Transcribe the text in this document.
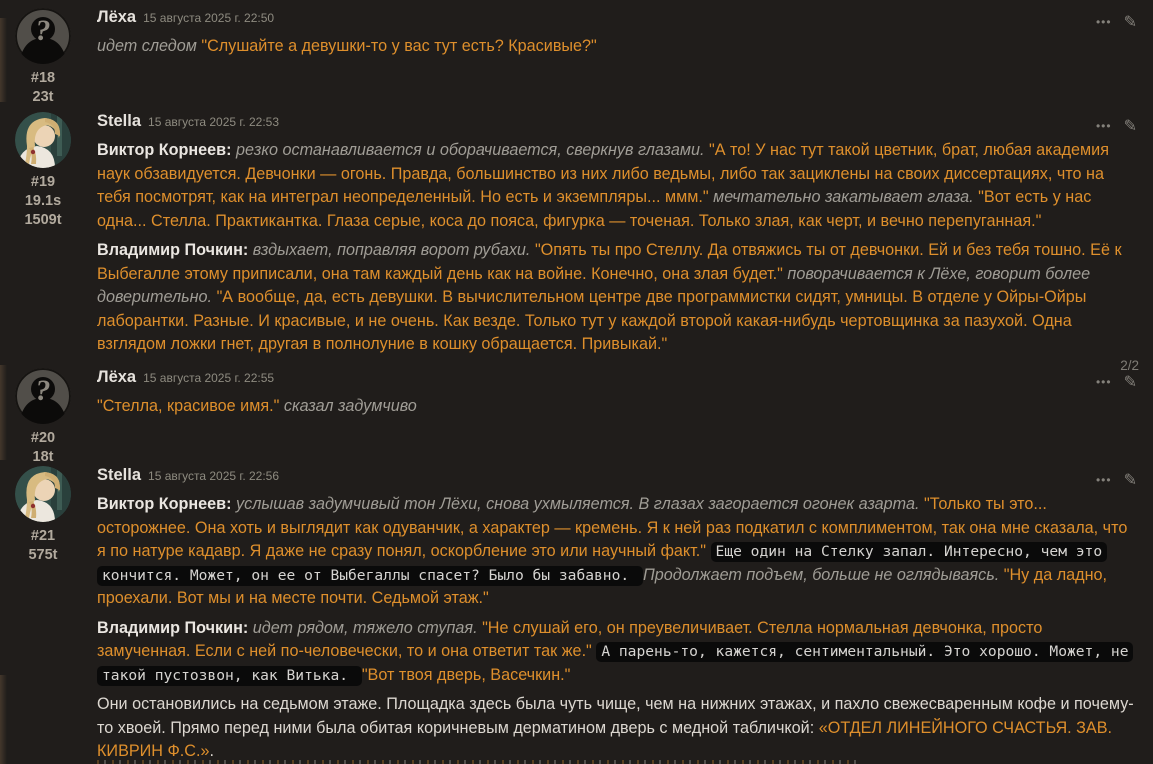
?
#18
23t
Лёха 15 августа 2025 г. 22:50	••• ✎

идет следом "Слушайте а девушки-то у вас тут есть? Красивые?"

#19
19.1s
1509t
Stella 15 августа 2025 г. 22:53	••• ✎

Виктор Корнеев: резко останавливается и оборачивается, сверкнув глазами. "А то! У нас тут такой цветник, брат, любая академия наук обзавидуется. Девчонки — огонь. Правда, большинство из них либо ведьмы, либо так зациклены на своих диссертациях, что на тебя посмотрят, как на интеграл неопределенный. Но есть и экземпляры... ммм." мечтательно закатывает глаза. "Вот есть у нас одна... Стелла. Практикантка. Глаза серые, коса до пояса, фигурка — точеная. Только злая, как черт, и вечно перепуганная."

Владимир Почкин: вздыхает, поправляя ворот рубахи. "Опять ты про Стеллу. Да отвяжись ты от девчонки. Ей и без тебя тошно. Её к Выбегалле этому приписали, она там каждый день как на войне. Конечно, она злая будет." поворачивается к Лёхе, говорит более доверительно. "А вообще, да, есть девушки. В вычислительном центре две программистки сидят, умницы. В отделе у Ойры-Ойры лаборантки. Разные. И красивые, и не очень. Как везде. Только тут у каждой второй какая-нибудь чертовщинка за пазухой. Одна взглядом ложки гнет, другая в полнолуние в кошку обращается. Привыкай."

2/2
?
#20
18t
Лёха 15 августа 2025 г. 22:55	••• ✎

"Стелла, красивое имя." сказал задумчиво

#21
575t
Stella 15 августа 2025 г. 22:56	••• ✎

Виктор Корнеев: услышав задумчивый тон Лёхи, снова ухмыляется. В глазах загорается огонек азарта. "Только ты это... осторожнее. Она хоть и выглядит как одуванчик, а характер — кремень. Я к ней раз подкатил с комплиментом, так она мне сказала, что я по натуре кадавр. Я даже не сразу понял, оскорбление это или научный факт." Еще один на Стелку запал. Интересно, чем это кончится. Может, он ее от Выбегаллы спасет? Было бы забавно. Продолжает подъем, больше не оглядываясь. "Ну да ладно, проехали. Вот мы и на месте почти. Седьмой этаж."

Владимир Почкин: идет рядом, тяжело ступая. "Не слушай его, он преувеличивает. Стелла нормальная девчонка, просто замученная. Если с ней по-человечески, то и она ответит так же." А парень-то, кажется, сентиментальный. Это хорошо. Может, не такой пустозвон, как Витька. "Вот твоя дверь, Васечкин."

Они остановились на седьмом этаже. Площадка здесь была чуть чище, чем на нижних этажах, и пахло свежесваренным кофе и почему-то хвоей. Прямо перед ними была обитая коричневым дерматином дверь с медной табличкой: «ОТДЕЛ ЛИНЕЙНОГО СЧАСТЬЯ. ЗАВ. КИВРИН Ф.С.».
